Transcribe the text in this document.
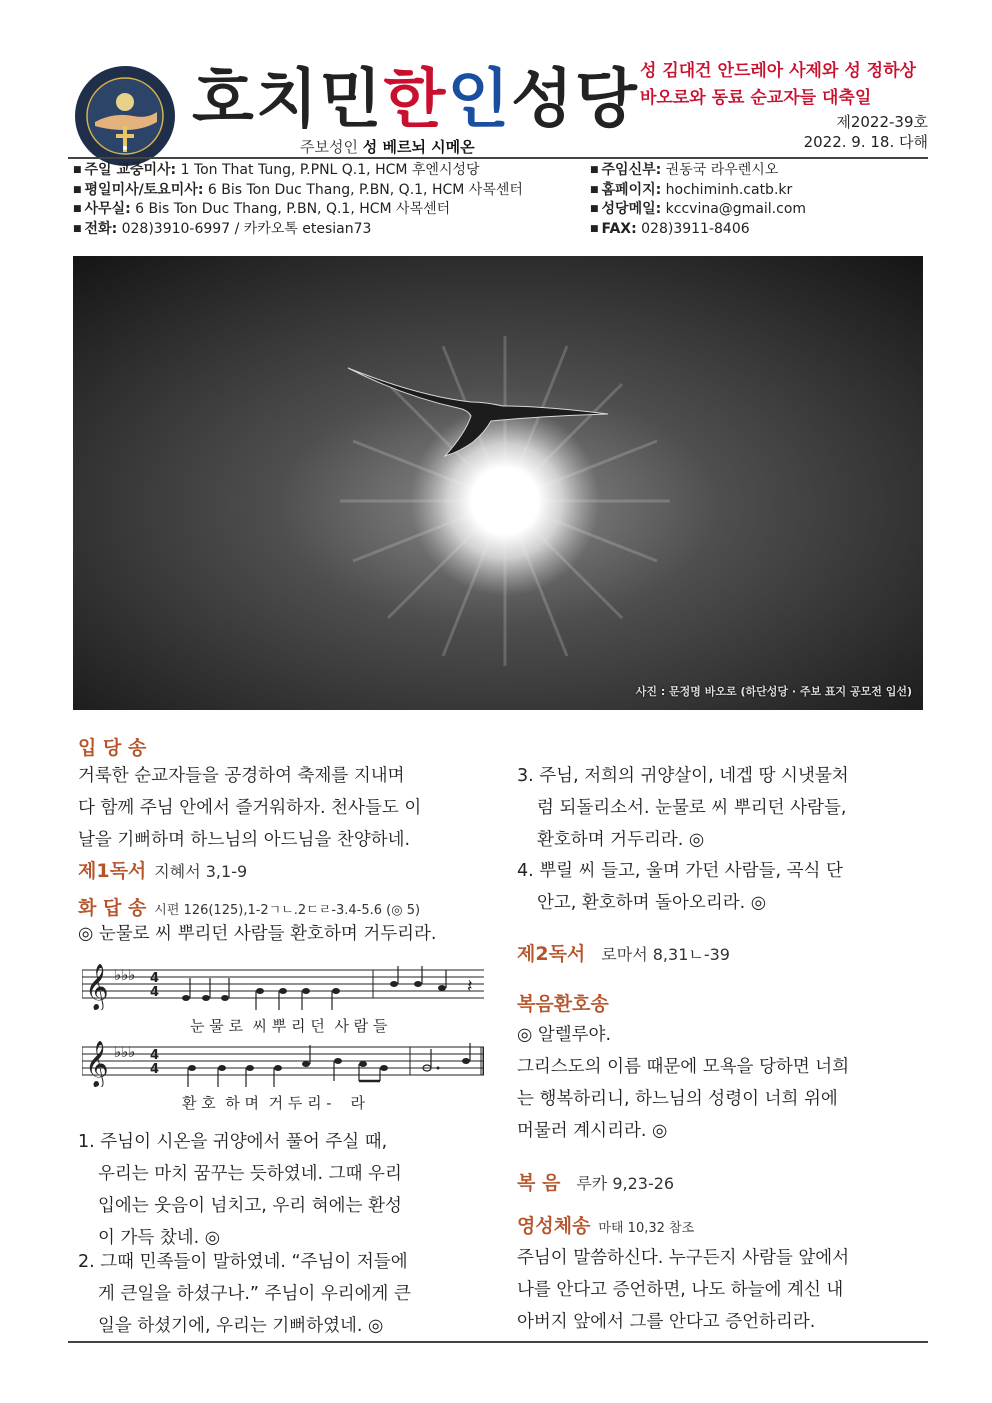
호치민한인성당
주보성인 성 베르뇌 시메온
성 김대건 안드레아 사제와 성 정하상
바오로와 동료 순교자들 대축일
제2022-39호
2022. 9. 18. 다해
■ 주일 교중미사: 1 Ton That Tung, P.PNL Q.1, HCM 후엔시성당
■ 평일미사/토요미사: 6 Bis Ton Duc Thang, P.BN, Q.1, HCM 사목센터
■ 사무실: 6 Bis Ton Duc Thang, P.BN, Q.1, HCM 사목센터
■ 전화: 028)3910-6997 / 카카오톡 etesian73
■ 주임신부: 권동국 라우렌시오
■ 홈페이지: hochiminh.catb.kr
■ 성당메일: kccvina@gmail.com
■ FAX: 028)3911-8406
사진 : 문정명 바오로 (하단성당 · 주보 표지 공모전 입선)
입 당 송
거룩한 순교자들을 공경하여 축제를 지내며
다 함께 주님 안에서 즐거워하자. 천사들도 이
날을 기뻐하며 하느님의 아드님을 찬양하네.
제1독서 지혜서 3,1-9
화 답 송 시편 126(125),1-2ㄱㄴ.2ㄷㄹ-3.4-5.6 (◎ 5)
◎ 눈물로 씨 뿌리던 사람들 환호하며 거두리라.
𝄞 ♭♭♭ 4
4	𝄽
눈 물 로  씨 뿌 리 던  사 람 들
𝄞 ♭♭♭ 4
4
환 호  하 며  거 두 리 -    라
1. 주님이 시온을 귀양에서 풀어 주실 때,
우리는 마치 꿈꾸는 듯하였네. 그때 우리
입에는 웃음이 넘치고, 우리 혀에는 환성
이 가득 찼네. ◎
2. 그때 민족들이 말하였네. “주님이 저들에
게 큰일을 하셨구나.” 주님이 우리에게 큰
일을 하셨기에, 우리는 기뻐하였네. ◎
3. 주님, 저희의 귀양살이, 네겝 땅 시냇물처
럼 되돌리소서. 눈물로 씨 뿌리던 사람들,
환호하며 거두리라. ◎
4. 뿌릴 씨 들고, 울며 가던 사람들, 곡식 단
안고, 환호하며 돌아오리라. ◎
제2독서 로마서 8,31ㄴ-39
복음환호송
◎ 알렐루야.
그리스도의 이름 때문에 모욕을 당하면 너희
는 행복하리니, 하느님의 성령이 너희 위에
머물러 계시리라. ◎
복 음 루카 9,23-26
영성체송 마태 10,32 참조
주님이 말씀하신다. 누구든지 사람들 앞에서
나를 안다고 증언하면, 나도 하늘에 계신 내
아버지 앞에서 그를 안다고 증언하리라.
